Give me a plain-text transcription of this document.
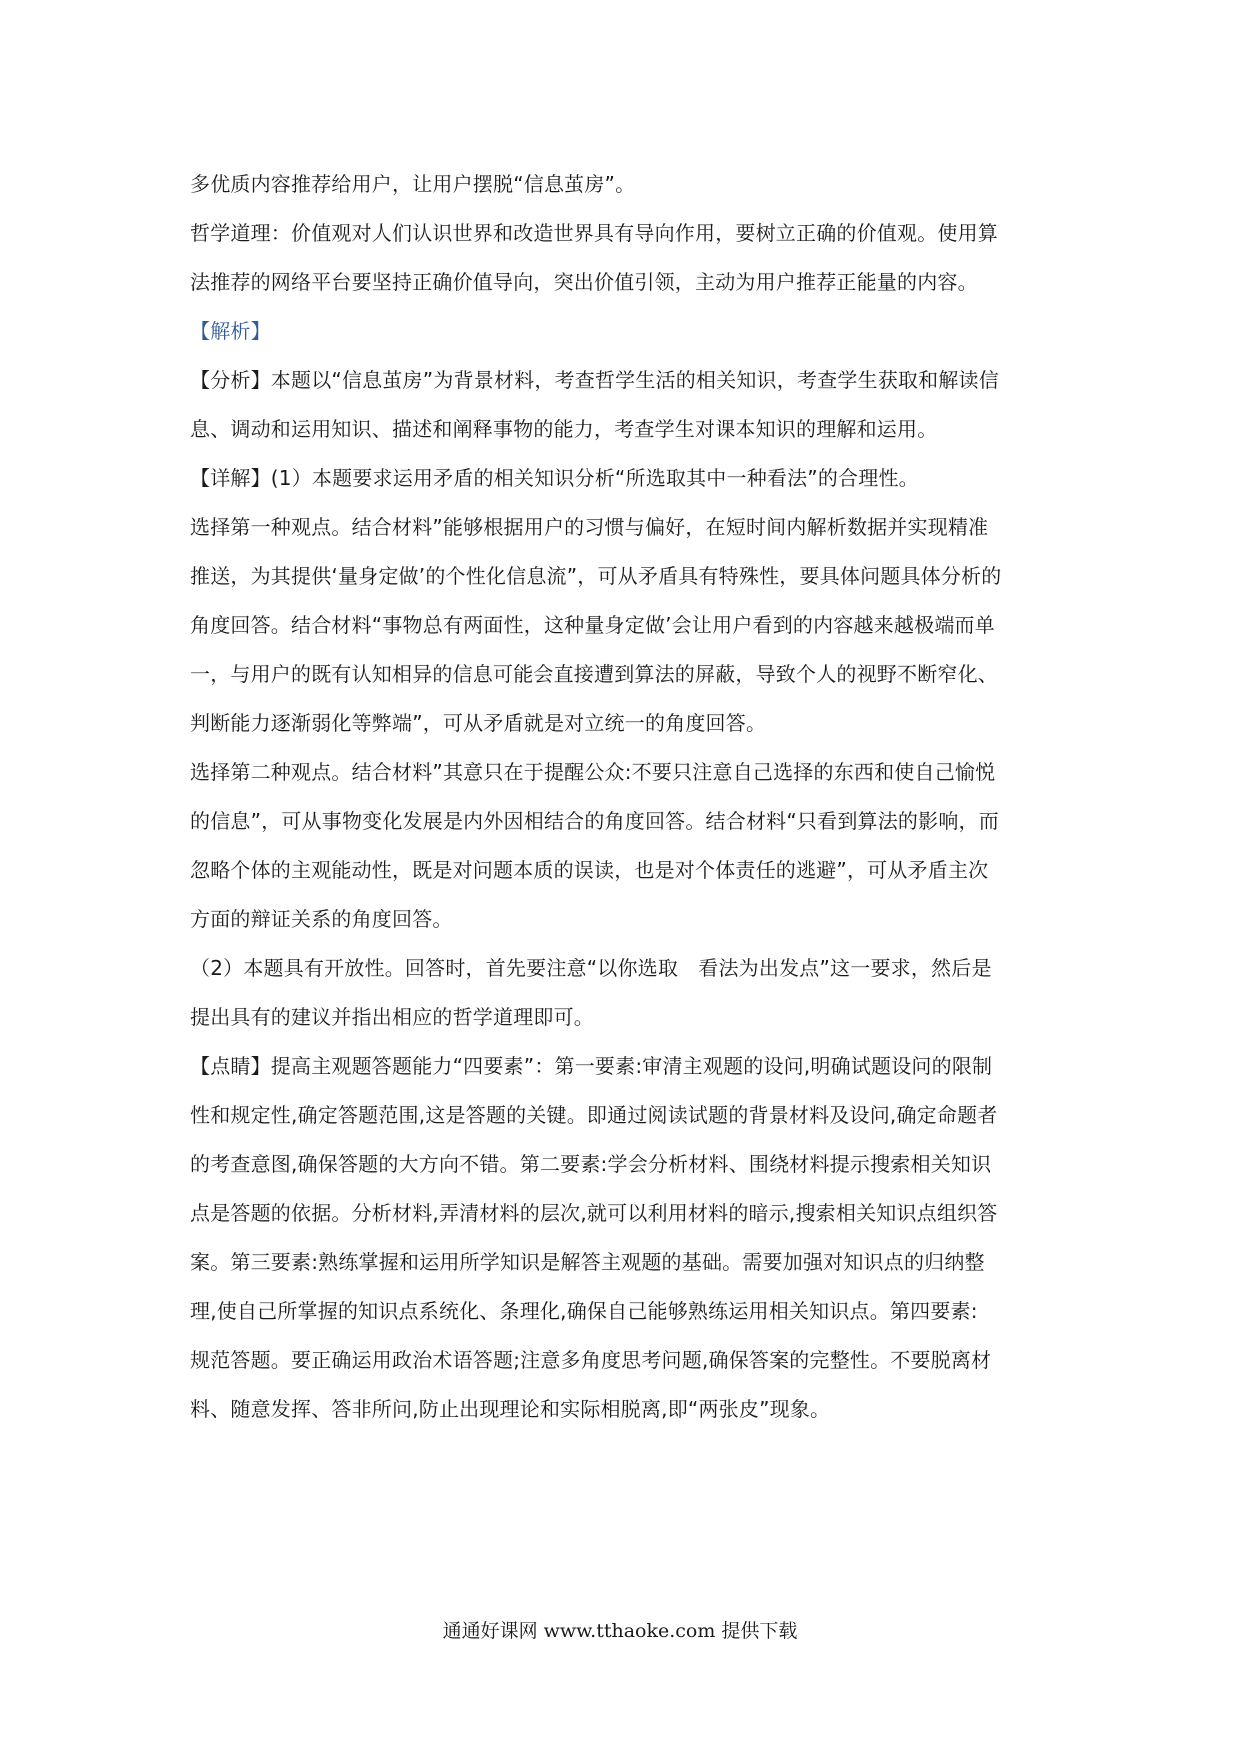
多优质内容推荐给用户，让用户摆脱“信息茧房”。
哲学道理：价值观对人们认识世界和改造世界具有导向作用，要树立正确的价值观。使用算
法推荐的网络平台要坚持正确价值导向，突出价值引领，主动为用户推荐正能量的内容。
【解析】
【分析】本题以“信息茧房”为背景材料，考查哲学生活的相关知识，考查学生获取和解读信
息、调动和运用知识、描述和阐释事物的能力，考查学生对课本知识的理解和运用。
【详解】(1）本题要求运用矛盾的相关知识分析“所选取其中一种看法”的合理性。
选择第一种观点。结合材料”能够根据用户的习惯与偏好，在短时间内解析数据并实现精准
推送，为其提供‘量身定做’的个性化信息流”，可从矛盾具有特殊性，要具体问题具体分析的
角度回答。结合材料“事物总有两面性，这种量身定做’会让用户看到的内容越来越极端而单
一，与用户的既有认知相异的信息可能会直接遭到算法的屏蔽，导致个人的视野不断窄化、
判断能力逐渐弱化等弊端”，可从矛盾就是对立统一的角度回答。
选择第二种观点。结合材料”其意只在于提醒公众:不要只注意自己选择的东西和使自己愉悦
的信息”，可从事物变化发展是内外因相结合的角度回答。结合材料“只看到算法的影响，而
忽略个体的主观能动性，既是对问题本质的误读，也是对个体责任的逃避”，可从矛盾主次
方面的辩证关系的角度回答。
（2）本题具有开放性。回答时，首先要注意“以你选取　看法为出发点”这一要求，然后是
提出具有的建议并指出相应的哲学道理即可。
【点睛】提高主观题答题能力“四要素”：第一要素:审清主观题的设问,明确试题设问的限制
性和规定性,确定答题范围,这是答题的关键。即通过阅读试题的背景材料及设问,确定命题者
的考查意图,确保答题的大方向不错。第二要素:学会分析材料、围绕材料提示搜索相关知识
点是答题的依据。分析材料,弄清材料的层次,就可以利用材料的暗示,搜索相关知识点组织答
案。第三要素:熟练掌握和运用所学知识是解答主观题的基础。需要加强对知识点的归纳整
理,使自己所掌握的知识点系统化、条理化,确保自己能够熟练运用相关知识点。第四要素:
规范答题。要正确运用政治术语答题;注意多角度思考问题,确保答案的完整性。不要脱离材
料、随意发挥、答非所问,防止出现理论和实际相脱离,即“两张皮”现象。
通通好课网 www.tthaoke.com 提供下载
